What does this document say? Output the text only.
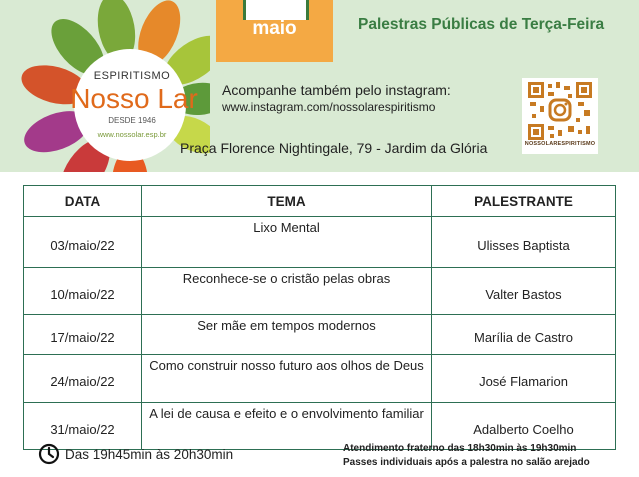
ESPIRITISMO
Nosso Lar
DESDE 1946
www.nossolar.esp.br
maio	Palestras Públicas de Terça-Feira
Acompanhe também pelo instagram:
www.instagram.com/nossolarespiritismo
NOSSOLARESPIRITISMO
Praça Florence Nightingale, 79 - Jardim da Glória
DATA	TEMA	PALESTRANTE
03/maio/22	Lixo Mental	Ulisses Baptista
10/maio/22	Reconhece-se o cristão pelas obras	Valter Bastos
17/maio/22	Ser mãe em tempos modernos	Marília de Castro
24/maio/22	Como construir nosso futuro aos olhos de Deus	José Flamarion
31/maio/22	A lei de causa e efeito e o envolvimento familiar	Adalberto Coelho
Das 19h45min às 20h30min	Atendimento fraterno das 18h30min às 19h30min
Passes individuais após a palestra no salão arejado
